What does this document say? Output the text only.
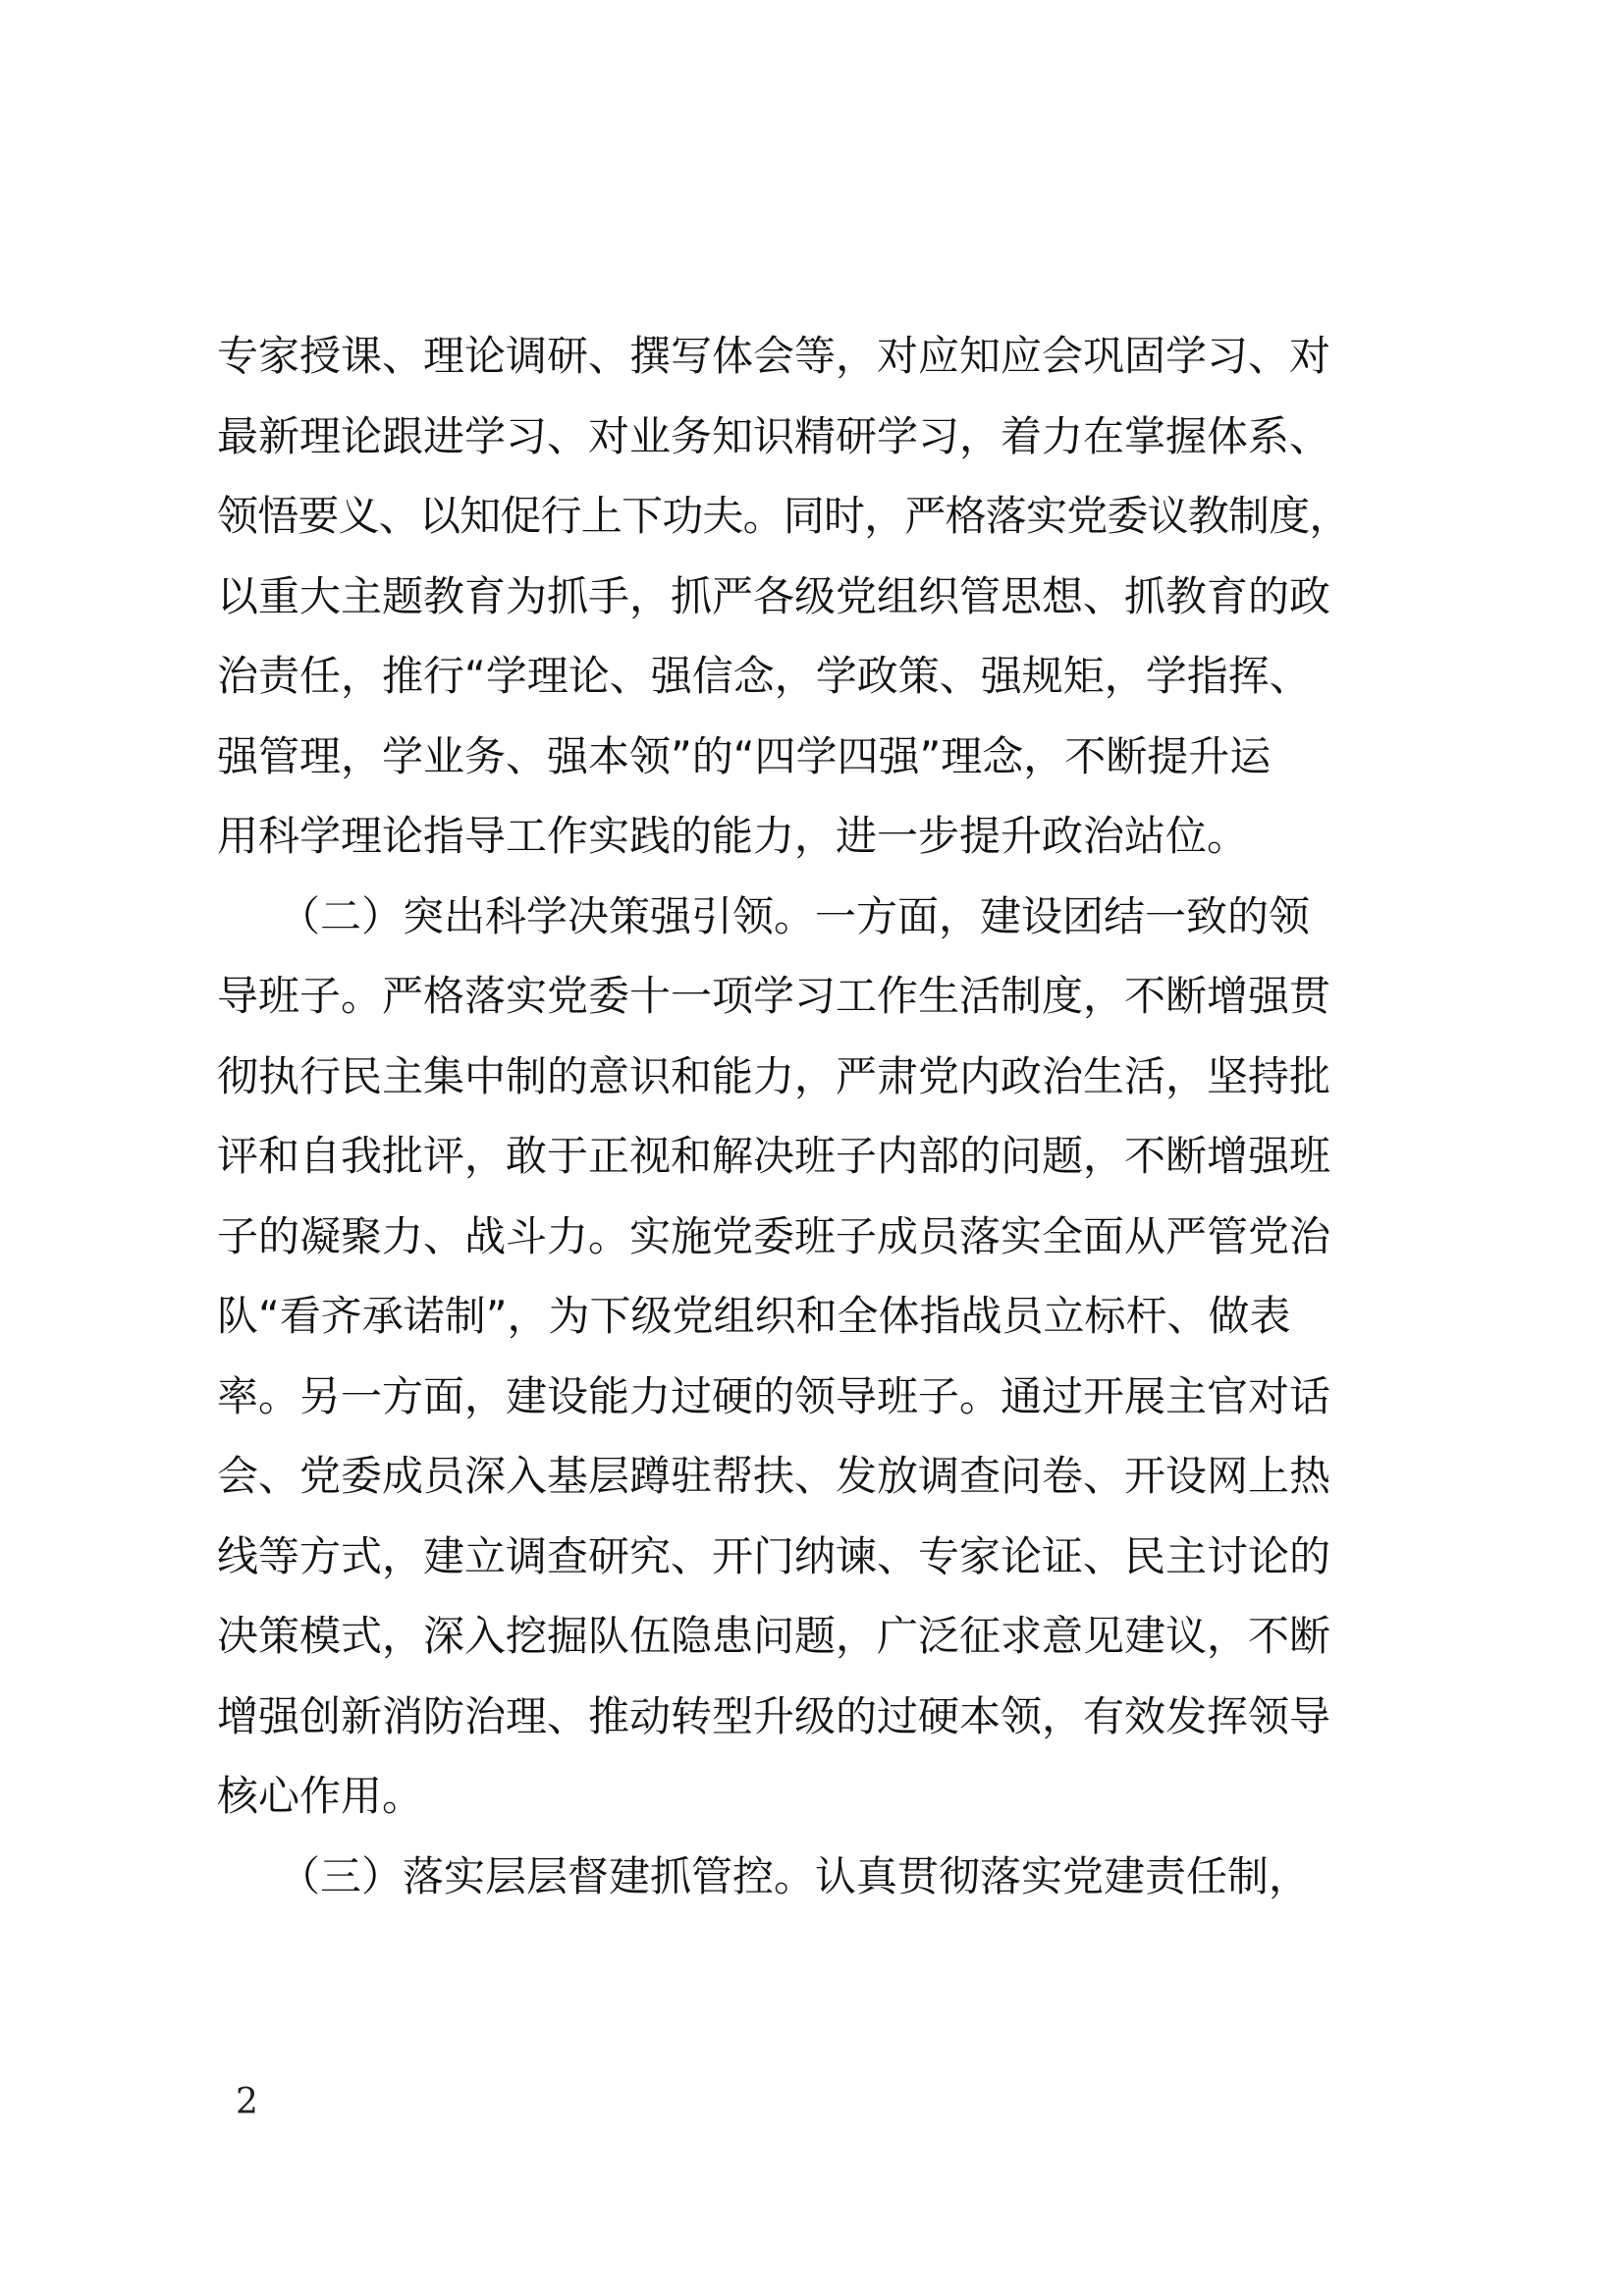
专家授课、理论调研、撰写体会等，对应知应会巩固学习、对
最新理论跟进学习、对业务知识精研学习，着力在掌握体系、
领悟要义、以知促行上下功夫。同时，严格落实党委议教制度，
以重大主题教育为抓手，抓严各级党组织管思想、抓教育的政
治责任，推行“学理论、强信念，学政策、强规矩，学指挥、
强管理，学业务、强本领”的“四学四强”理念，不断提升运
用科学理论指导工作实践的能力，进一步提升政治站位。
　　（二）突出科学决策强引领。一方面，建设团结一致的领
导班子。严格落实党委十一项学习工作生活制度，不断增强贯
彻执行民主集中制的意识和能力，严肃党内政治生活，坚持批
评和自我批评，敢于正视和解决班子内部的问题，不断增强班
子的凝聚力、战斗力。实施党委班子成员落实全面从严管党治
队“看齐承诺制”，为下级党组织和全体指战员立标杆、做表
率。另一方面，建设能力过硬的领导班子。通过开展主官对话
会、党委成员深入基层蹲驻帮扶、发放调查问卷、开设网上热
线等方式，建立调查研究、开门纳谏、专家论证、民主讨论的
决策模式，深入挖掘队伍隐患问题，广泛征求意见建议，不断
增强创新消防治理、推动转型升级的过硬本领，有效发挥领导
核心作用。
　　（三）落实层层督建抓管控。认真贯彻落实党建责任制，
2
